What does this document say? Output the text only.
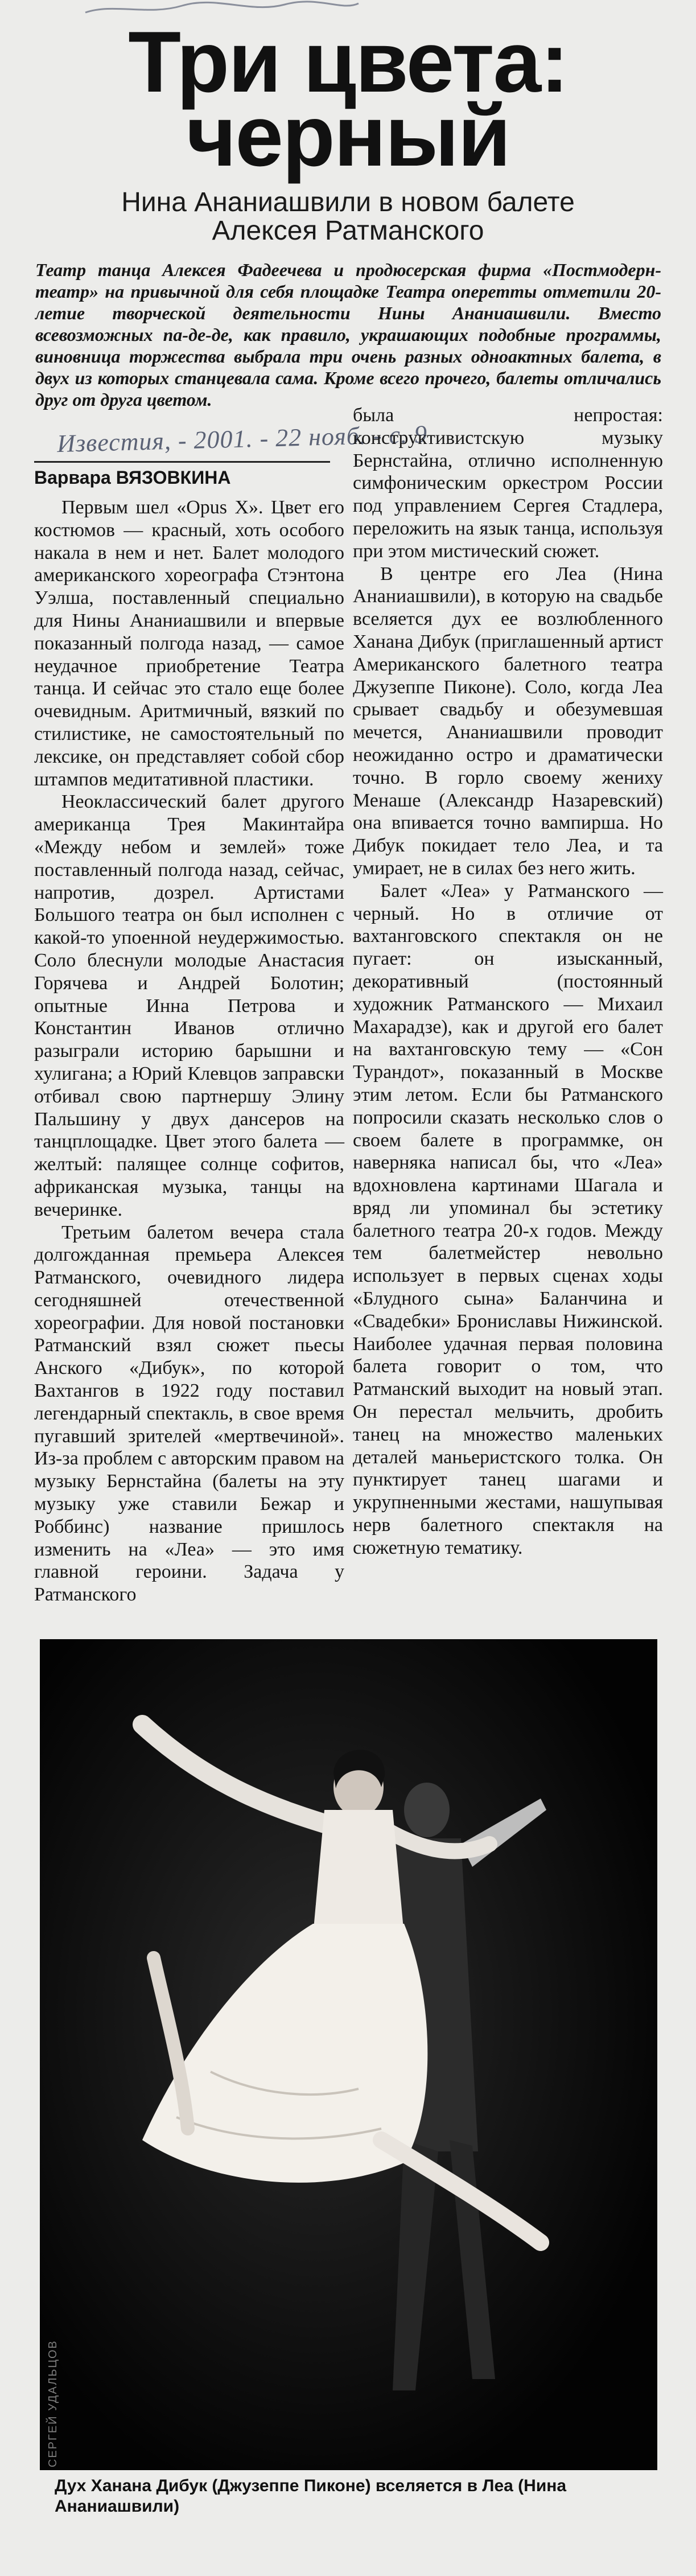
Три цвета:
черный
Нина Ананиашвили в новом балете
Алексея Ратманского
Театр танца Алексея Фадеечева и продюсерская фирма «Постмодерн-театр» на привычной для себя площадке Театра оперетты отметили 20-летие творческой деятельности Нины Ананиашвили. Вместо всевозможных па-де-де, как правило, украшающих подобные программы, виновница торжества выбрала три очень разных одноактных балета, в двух из которых станцевала сама. Кроме всего прочего, балеты отличались друг от друга цветом.
Известия, - 2001. - 22 нояб. - с. 9
Варвара ВЯЗОВКИНА

Первым шел «Opus X». Цвет его костюмов — красный, хоть особого накала в нем и нет. Балет молодого американского хореографа Стэнтона Уэлша, поставленный специально для Нины Ананиашвили и впервые показанный полгода назад, — самое неудачное приобретение Театра танца. И сейчас это стало еще более очевидным. Аритмичный, вязкий по стилистике, не самостоятельный по лексике, он представляет собой сбор штампов медитативной пластики.

Неоклассический балет другого американца Трея Макинтайра «Между небом и землей» тоже поставленный полгода назад, сейчас, напротив, дозрел. Артистами Большого театра он был исполнен с какой-то упоенной неудержимостью. Соло блеснули молодые Анастасия Горячева и Андрей Болотин; опытные Инна Петрова и Константин Иванов отлично разыграли историю барышни и хулигана; а Юрий Клевцов заправски отбивал свою партнершу Элину Пальшину у двух дансеров на танцплощадке. Цвет этого балета — желтый: палящее солнце софитов, африканская музыка, танцы на вечеринке.

Третьим балетом вечера стала долгожданная премьера Алексея Ратманского, очевидного лидера сегодняшней отечественной хореографии. Для новой постановки Ратманский взял сюжет пьесы Анского «Дибук», по которой Вахтангов в 1922 году поставил легендарный спектакль, в свое время пугавший зрителей «мертвечиной». Из-за проблем с авторским правом на музыку Бернстайна (балеты на эту музыку уже ставили Бежар и Роббинс) название пришлось изменить на «Леа» — это имя главной героини. Задача у Ратманского

была непростая: конструктивистскую музыку Бернстайна, отлично исполненную симфоническим оркестром России под управлением Сергея Стадлера, переложить на язык танца, используя при этом мистический сюжет.

В центре его Леа (Нина Ананиашвили), в которую на свадьбе вселяется дух ее возлюбленного Ханана Дибук (приглашенный артист Американского балетного театра Джузеппе Пиконе). Соло, когда Леа срывает свадьбу и обезумевшая мечется, Ананиашвили проводит неожиданно остро и драматически точно. В горло своему жениху Менаше (Александр Назаревский) она впивается точно вампирша. Но Дибук покидает тело Леа, и та умирает, не в силах без него жить.

Балет «Леа» у Ратманского — черный. Но в отличие от вахтанговского спектакля он не пугает: он изысканный, декоративный (постоянный художник Ратманского — Михаил Махарадзе), как и другой его балет на вахтанговскую тему — «Сон Турандот», показанный в Москве этим летом. Если бы Ратманского попросили сказать несколько слов о своем балете в программке, он наверняка написал бы, что «Леа» вдохновлена картинами Шагала и вряд ли упоминал бы эстетику балетного театра 20-х годов. Между тем балетмейстер невольно использует в первых сценах ходы «Блудного сына» Баланчина и «Свадебки» Брониславы Нижинской. Наиболее удачная первая половина балета говорит о том, что Ратманский выходит на новый этап. Он перестал мельчить, дробить танец на множество маленьких деталей маньеристского толка. Он пунктирует танец шагами и укрупненными жестами, нашупывая нерв балетного спектакля на сюжетную тематику.

СЕРГЕЙ УДАЛЬЦОВ
Дух Ханана Дибук (Джузеппе Пиконе) вселяется в Леа (Нина Ананиашвили)
